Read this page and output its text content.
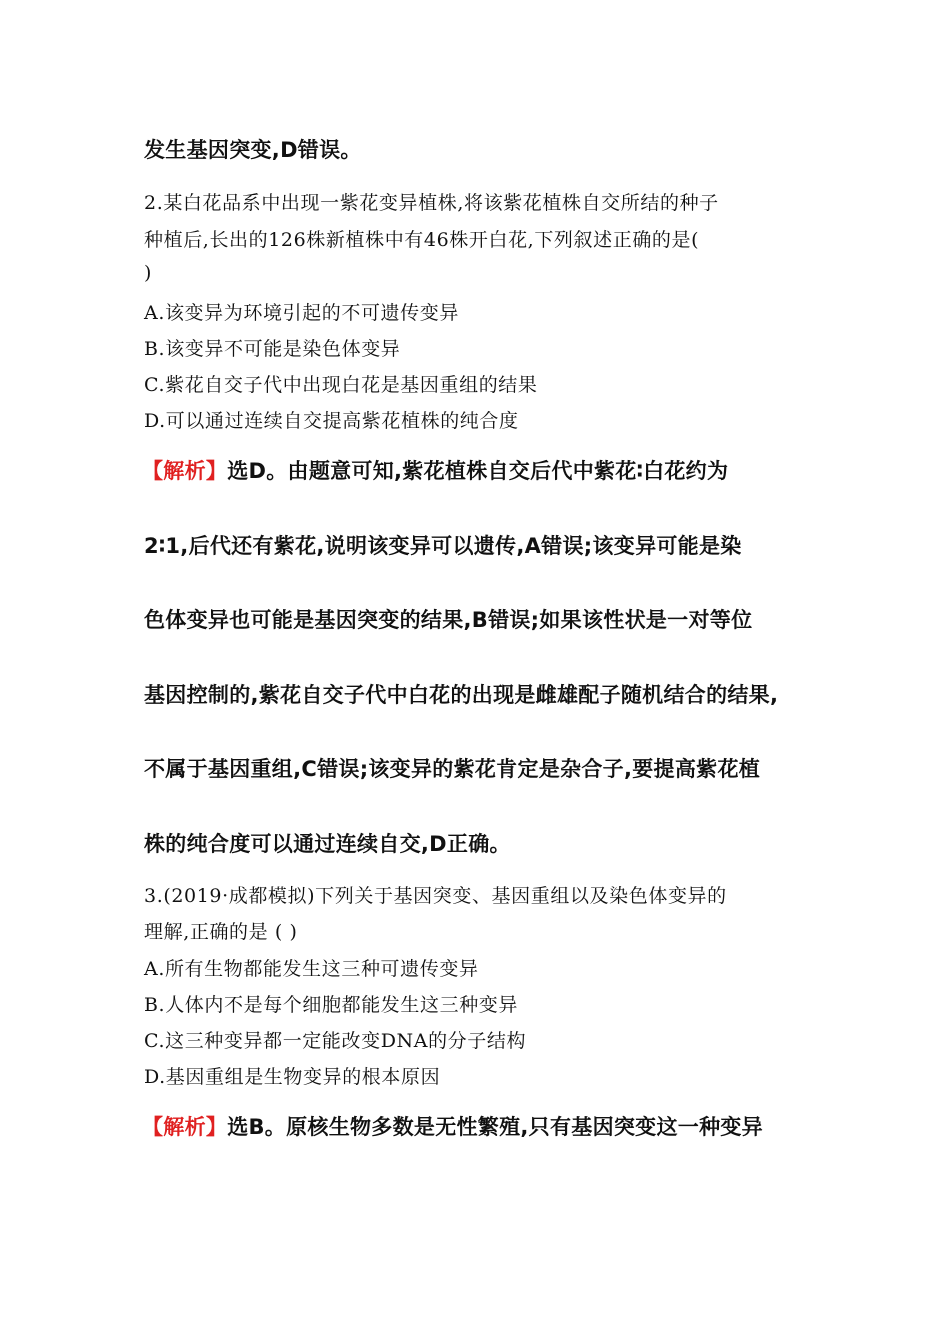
发生基因突变,D错误。

2.某白花品系中出现一紫花变异植株,将该紫花植株自交所结的种子

种植后,长出的126株新植株中有46株开白花,下列叙述正确的是(

)

A.该变异为环境引起的不可遗传变异

B.该变异不可能是染色体变异

C.紫花自交子代中出现白花是基因重组的结果

D.可以通过连续自交提高紫花植株的纯合度

【解析】选D。由题意可知,紫花植株自交后代中紫花∶白花约为

2∶1,后代还有紫花,说明该变异可以遗传,A错误;该变异可能是染

色体变异也可能是基因突变的结果,B错误;如果该性状是一对等位

基因控制的,紫花自交子代中白花的出现是雌雄配子随机结合的结果,

不属于基因重组,C错误;该变异的紫花肯定是杂合子,要提高紫花植

株的纯合度可以通过连续自交,D正确。

3.(2019·成都模拟)下列关于基因突变、基因重组以及染色体变异的

理解,正确的是 ( )

A.所有生物都能发生这三种可遗传变异

B.人体内不是每个细胞都能发生这三种变异

C.这三种变异都一定能改变DNA的分子结构

D.基因重组是生物变异的根本原因

【解析】选B。原核生物多数是无性繁殖,只有基因突变这一种变异
